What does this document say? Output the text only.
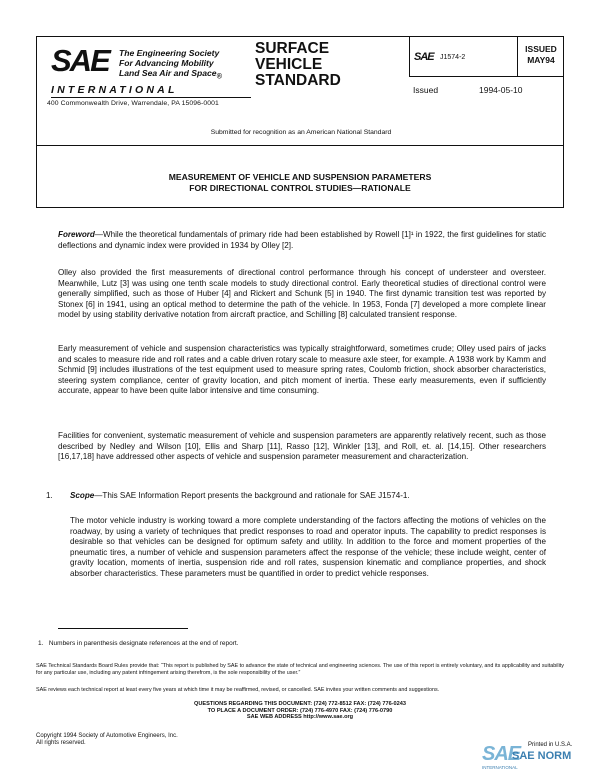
SAE The Engineering Society
For Advancing Mobility
Land Sea Air and Space$_®$
INTERNATIONAL
400 Commonwealth Drive, Warrendale, PA 15096-0001
SURFACE
VEHICLE
STANDARD
SAE J1574-2
ISSUED
MAY94
Issued	1994-05-10
Submitted for recognition as an American National Standard
MEASUREMENT OF VEHICLE AND SUSPENSION PARAMETERS
FOR DIRECTIONAL CONTROL STUDIES—RATIONALE
Foreword—While the theoretical fundamentals of primary ride had been established by Rowell [1]¹ in 1922, the first guidelines for static deflections and dynamic index were provided in 1934 by Olley [2].
Olley also provided the first measurements of directional control performance through his concept of understeer and oversteer. Meanwhile, Lutz [3] was using one tenth scale models to study directional control. Early theoretical studies of directional control were generally simplified, such as those of Huber [4] and Rickert and Schunk [5] in 1940. The first dynamic transition test was reported by Stonex [6] in 1941, using an optical method to determine the path of the vehicle. In 1953, Fonda [7] developed a more complete linear model by using stability derivative notation from aircraft practice, and Schilling [8] calculated transient response.
Early measurement of vehicle and suspension characteristics was typically straightforward, sometimes crude; Olley used pairs of jacks and scales to measure ride and roll rates and a cable driven rotary scale to measure axle steer, for example. A 1938 work by Kamm and Schmid [9] includes illustrations of the test equipment used to measure spring rates, Coulomb friction, shock absorber characteristics, steering system compliance, center of gravity location, and pitch moment of inertia. These early measurements, even if sufficiently accurate, appear to have been quite labor intensive and time consuming.
Facilities for convenient, systematic measurement of vehicle and suspension parameters are apparently relatively recent, such as those described by Nedley and Wilson [10], Ellis and Sharp [11], Rasso [12], Winkler [13], and Roll, et. al. [14,15]. Other researchers [16,17,18] have addressed other aspects of vehicle and suspension parameter measurement and characterization.
1. Scope—This SAE Information Report presents the background and rationale for SAE J1574-1.
The motor vehicle industry is working toward a more complete understanding of the factors affecting the motions of vehicles on the roadway, by using a variety of techniques that predict responses to road and operator inputs. The capability to predict responses is desirable so that vehicles can be designed for optimum safety and utility. In addition to the force and moment properties of the pneumatic tires, a number of vehicle and suspension parameters affect the response of the vehicle; these include weight, center of gravity location, moments of inertia, suspension ride and roll rates, suspension kinematic and compliance properties, and shock absorber characteristics. These parameters must be quantified in order to predict vehicle responses.
1. Numbers in parenthesis designate references at the end of report.
SAE Technical Standards Board Rules provide that: “This report is published by SAE to advance the state of technical and engineering sciences. The use of this report is entirely voluntary, and its applicability and suitability for any particular use, including any patent infringement arising therefrom, is the sole responsibility of the user.”
SAE reviews each technical report at least every five years at which time it may be reaffirmed, revised, or cancelled. SAE invites your written comments and suggestions.
QUESTIONS REGARDING THIS DOCUMENT: (724) 772-8512 FAX: (724) 776-0243
TO PLACE A DOCUMENT ORDER: (724) 776-4970 FAX: (724) 776-0790
SAE WEB ADDRESS http://www.sae.org
Copyright 1994 Society of Automotive Engineers, Inc.
All rights reserved.	Printed in U.S.A.
SAE
SAE NORM
INTERNATIONAL
